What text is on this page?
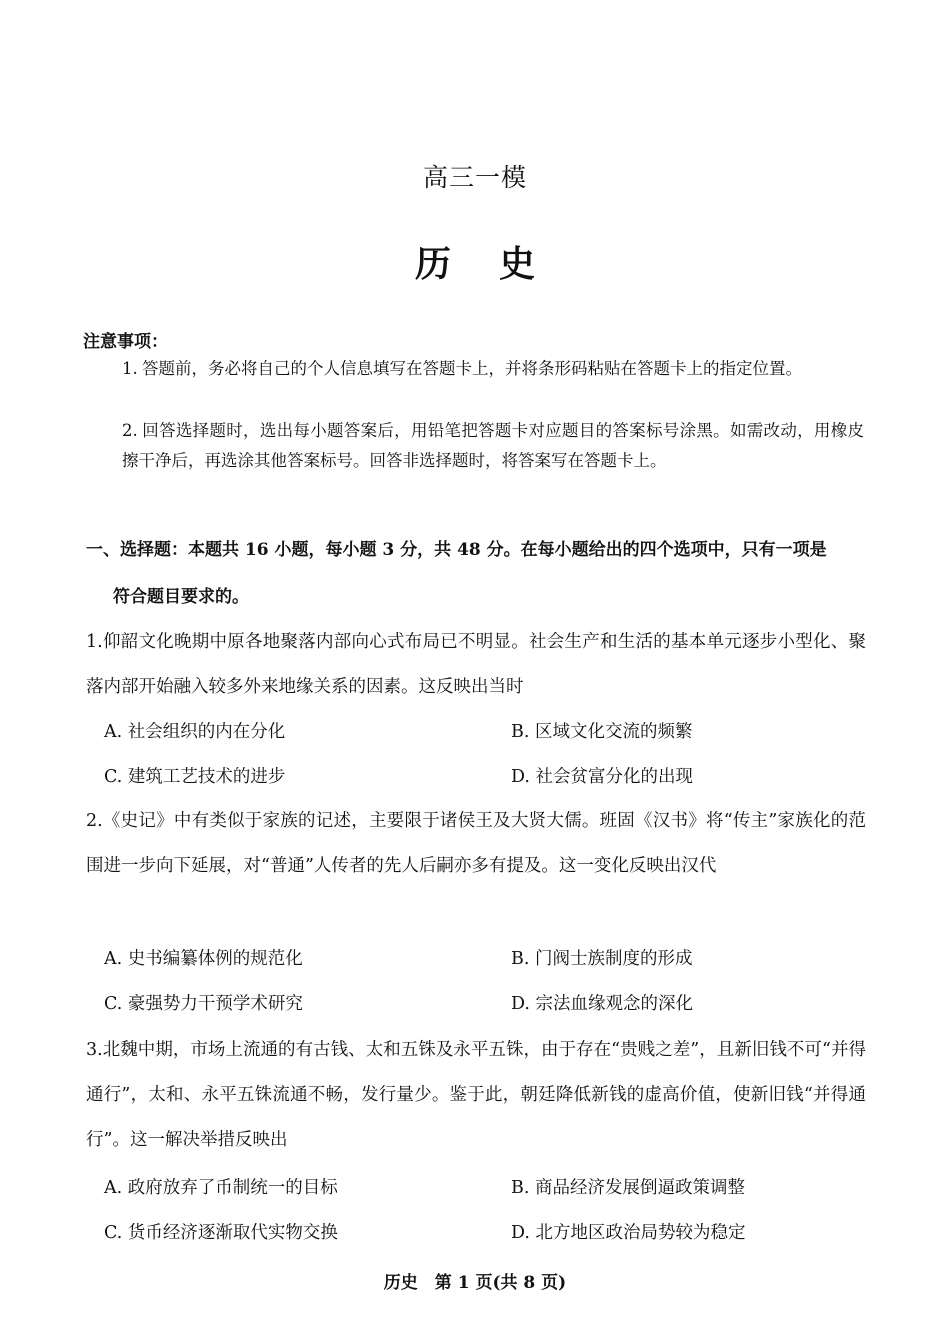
高三一模
历 史
注意事项：
1. 答题前，务必将自己的个人信息填写在答题卡上，并将条形码粘贴在答题卡上的指定位置。
2. 回答选择题时，选出每小题答案后，用铅笔把答题卡对应题目的答案标号涂黑。如需改动，用橡皮擦干净后，再选涂其他答案标号。回答非选择题时，将答案写在答题卡上。
一、选择题：本题共 16 小题，每小题 3 分，共 48 分。在每小题给出的四个选项中，只有一项是
符合题目要求的。
1.仰韶文化晚期中原各地聚落内部向心式布局已不明显。社会生产和生活的基本单元逐步小型化、聚落内部开始融入较多外来地缘关系的因素。这反映出当时
A. 社会组织的内在分化	B. 区域文化交流的频繁
C. 建筑工艺技术的进步	D. 社会贫富分化的出现
2.《史记》中有类似于家族的记述，主要限于诸侯王及大贤大儒。班固《汉书》将“传主”家族化的范围进一步向下延展，对“普通”人传者的先人后嗣亦多有提及。这一变化反映出汉代
A. 史书编纂体例的规范化	B. 门阀士族制度的形成
C. 豪强势力干预学术研究	D. 宗法血缘观念的深化
3.北魏中期，市场上流通的有古钱、太和五铢及永平五铢，由于存在“贵贱之差”，且新旧钱不可“并得通行”，太和、永平五铢流通不畅，发行量少。鉴于此，朝廷降低新钱的虚高价值，使新旧钱“并得通行”。这一解决举措反映出
A. 政府放弃了币制统一的目标	B. 商品经济发展倒逼政策调整
C. 货币经济逐渐取代实物交换	D. 北方地区政治局势较为稳定
历史　第 1 页(共 8 页)
